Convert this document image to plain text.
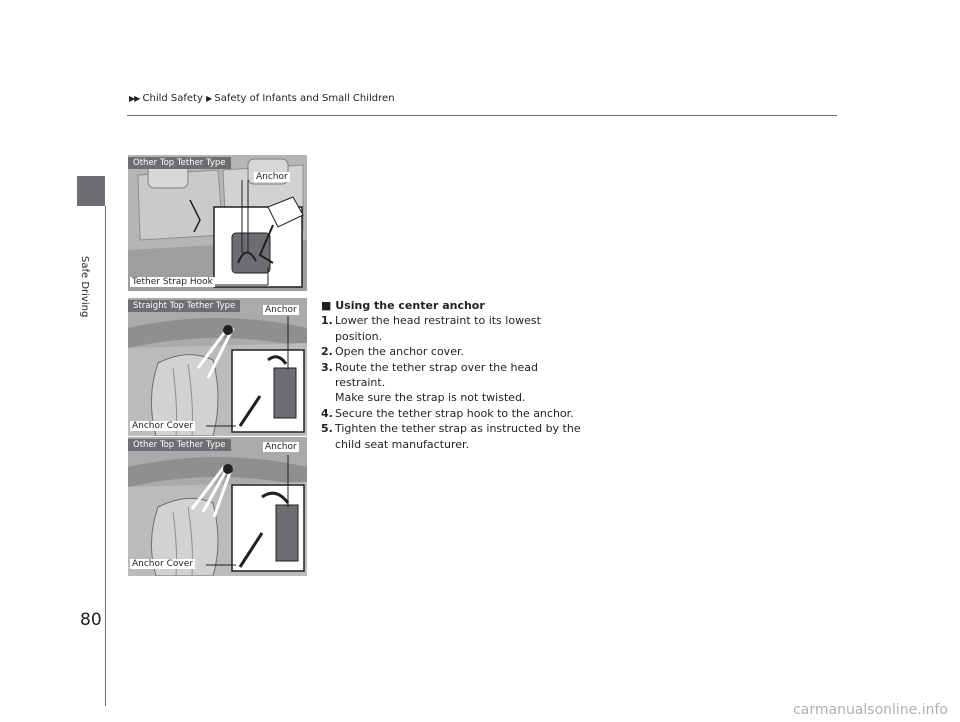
▶▶ Child Safety ▶ Safety of Infants and Small Children
Safe Driving
Other Top Tether Type
Anchor
Tether Strap Hook
Straight Top Tether Type	Anchor
Anchor Cover
Other Top Tether Type	Anchor
Anchor Cover
■ Using the center anchor
1. Lower the head restraint to its lowest position.
2. Open the anchor cover.
3. Route the tether strap over the head restraint.
Make sure the strap is not twisted.
4. Secure the tether strap hook to the anchor.
5. Tighten the tether strap as instructed by the child seat manufacturer.
80
carmanualsonline.info
